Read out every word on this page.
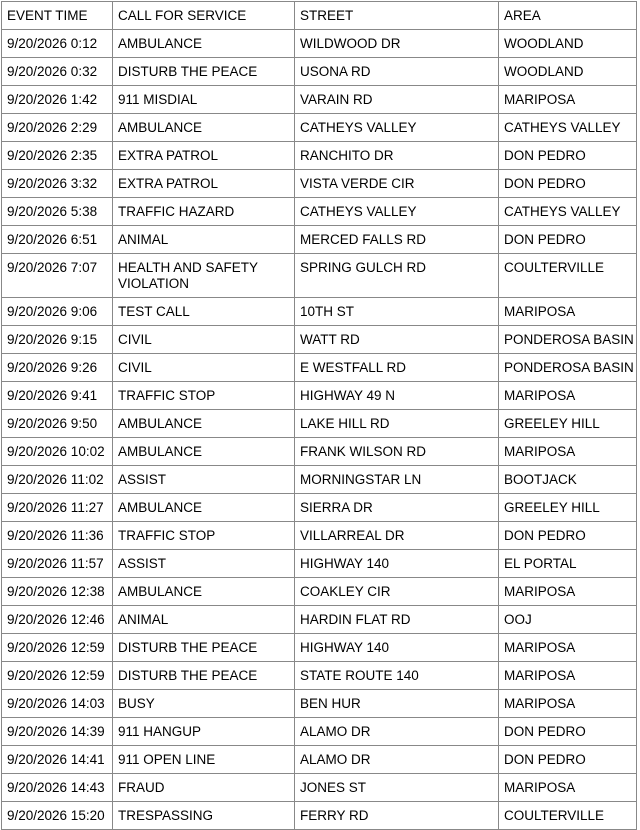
EVENT TIME	CALL FOR SERVICE	STREET	AREA
9/20/2026 0:12	AMBULANCE	WILDWOOD DR	WOODLAND
9/20/2026 0:32	DISTURB THE PEACE	USONA RD	WOODLAND
9/20/2026 1:42	911 MISDIAL	VARAIN RD	MARIPOSA
9/20/2026 2:29	AMBULANCE	CATHEYS VALLEY	CATHEYS VALLEY
9/20/2026 2:35	EXTRA PATROL	RANCHITO DR	DON PEDRO
9/20/2026 3:32	EXTRA PATROL	VISTA VERDE CIR	DON PEDRO
9/20/2026 5:38	TRAFFIC HAZARD	CATHEYS VALLEY	CATHEYS VALLEY
9/20/2026 6:51	ANIMAL	MERCED FALLS RD	DON PEDRO
9/20/2026 7:07	HEALTH AND SAFETY VIOLATION	SPRING GULCH RD	COULTERVILLE
9/20/2026 9:06	TEST CALL	10TH ST	MARIPOSA
9/20/2026 9:15	CIVIL	WATT RD	PONDEROSA BASIN
9/20/2026 9:26	CIVIL	E WESTFALL RD	PONDEROSA BASIN
9/20/2026 9:41	TRAFFIC STOP	HIGHWAY 49 N	MARIPOSA
9/20/2026 9:50	AMBULANCE	LAKE HILL RD	GREELEY HILL
9/20/2026 10:02	AMBULANCE	FRANK WILSON RD	MARIPOSA
9/20/2026 11:02	ASSIST	MORNINGSTAR LN	BOOTJACK
9/20/2026 11:27	AMBULANCE	SIERRA DR	GREELEY HILL
9/20/2026 11:36	TRAFFIC STOP	VILLARREAL DR	DON PEDRO
9/20/2026 11:57	ASSIST	HIGHWAY 140	EL PORTAL
9/20/2026 12:38	AMBULANCE	COAKLEY CIR	MARIPOSA
9/20/2026 12:46	ANIMAL	HARDIN FLAT RD	OOJ
9/20/2026 12:59	DISTURB THE PEACE	HIGHWAY 140	MARIPOSA
9/20/2026 12:59	DISTURB THE PEACE	STATE ROUTE 140	MARIPOSA
9/20/2026 14:03	BUSY	BEN HUR	MARIPOSA
9/20/2026 14:39	911 HANGUP	ALAMO DR	DON PEDRO
9/20/2026 14:41	911 OPEN LINE	ALAMO DR	DON PEDRO
9/20/2026 14:43	FRAUD	JONES ST	MARIPOSA
9/20/2026 15:20	TRESPASSING	FERRY RD	COULTERVILLE
